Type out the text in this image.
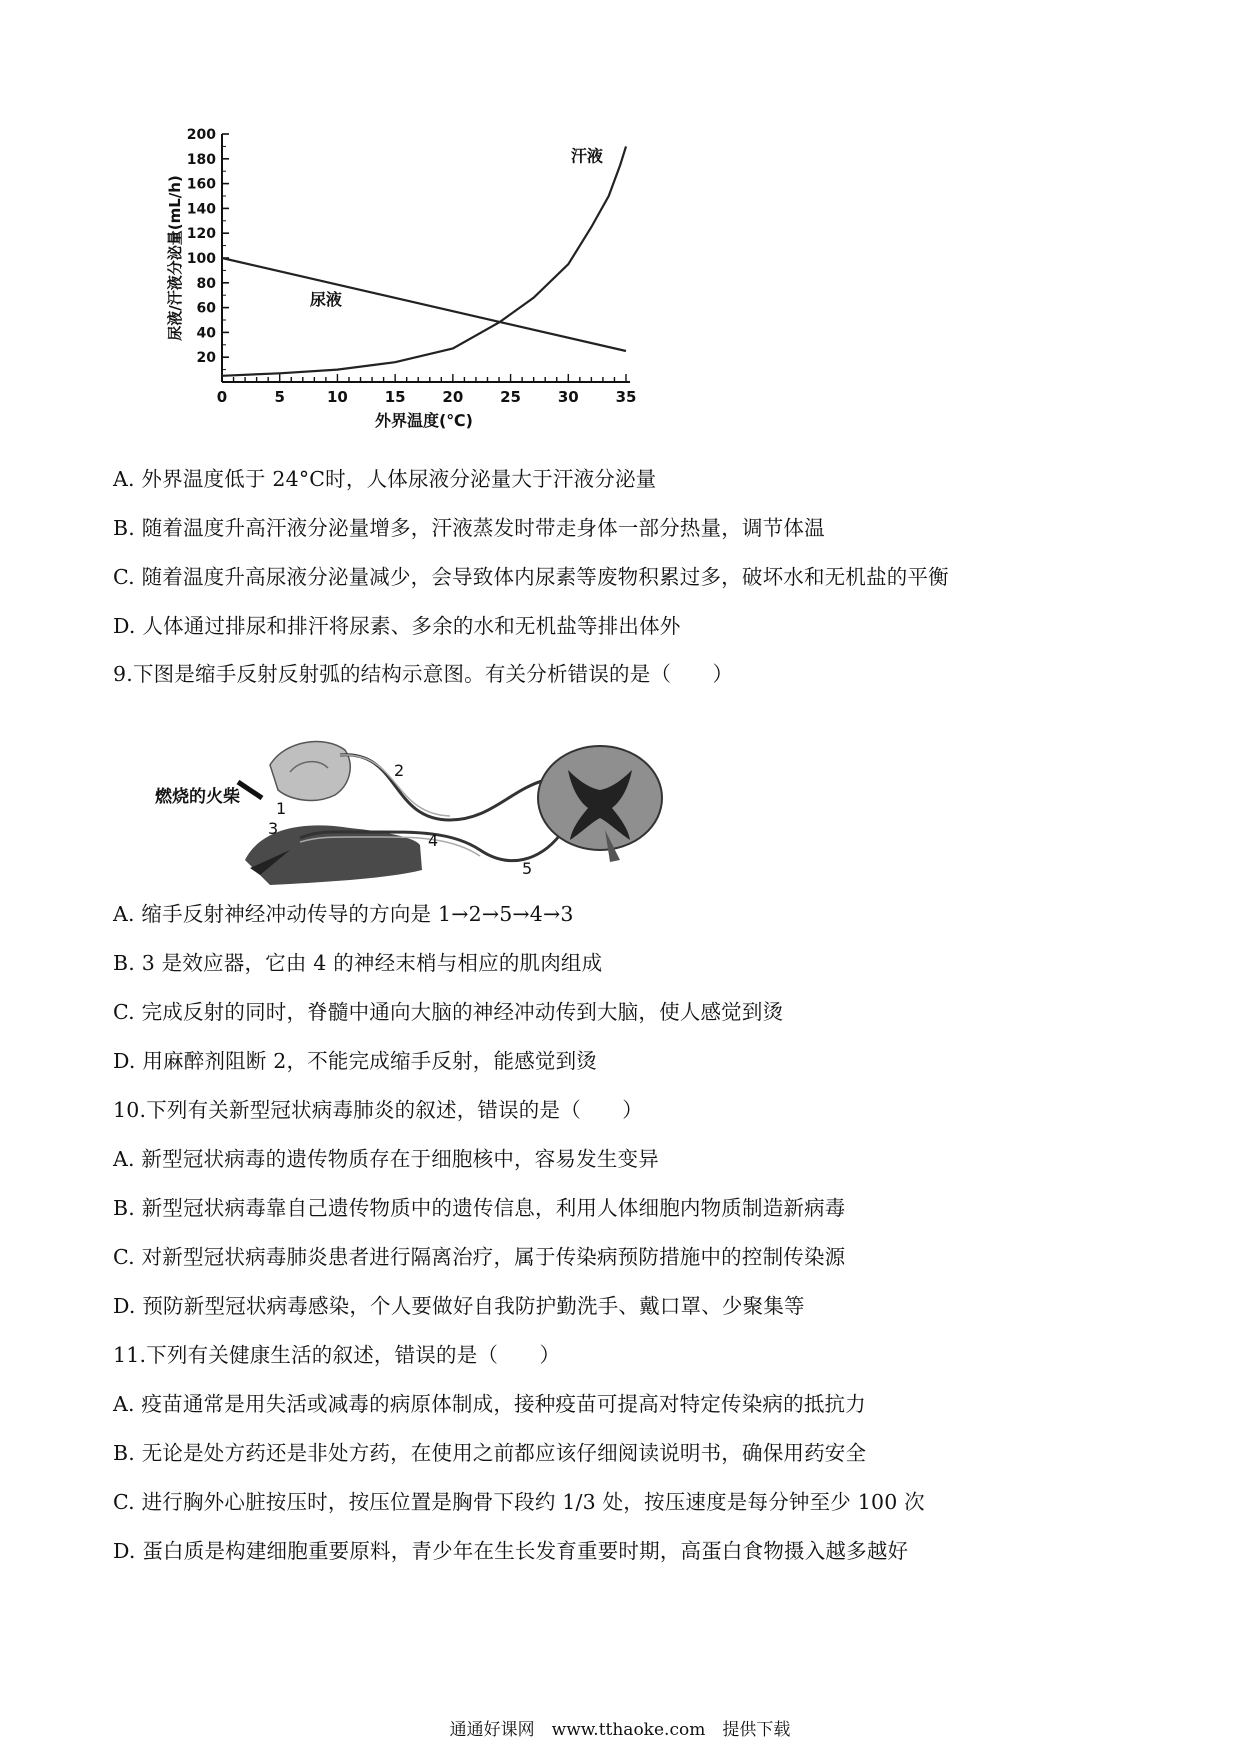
0	5	10 15 20 25 30 35
20
40
60
80
100
120
140
160
180
200
外界温度(℃)
尿液/汗液分泌量(mL/h)	尿液
汗液
A. 外界温度低于 24°C时，人体尿液分泌量大于汗液分泌量
B. 随着温度升高汗液分泌量增多，汗液蒸发时带走身体一部分热量，调节体温
C. 随着温度升高尿液分泌量减少，会导致体内尿素等废物积累过多，破坏水和无机盐的平衡
D. 人体通过排尿和排汗将尿素、多余的水和无机盐等排出体外
9.下图是缩手反射反射弧的结构示意图。有关分析错误的是（　　）
燃烧的火柴
1
2
3
4
5
A. 缩手反射神经冲动传导的方向是 1→2→5→4→3
B. 3 是效应器，它由 4 的神经末梢与相应的肌肉组成
C. 完成反射的同时，脊髓中通向大脑的神经冲动传到大脑，使人感觉到烫
D. 用麻醉剂阻断 2，不能完成缩手反射，能感觉到烫
10.下列有关新型冠状病毒肺炎的叙述，错误的是（　　）
A. 新型冠状病毒的遗传物质存在于细胞核中，容易发生变异
B. 新型冠状病毒靠自己遗传物质中的遗传信息，利用人体细胞内物质制造新病毒
C. 对新型冠状病毒肺炎患者进行隔离治疗，属于传染病预防措施中的控制传染源
D. 预防新型冠状病毒感染，个人要做好自我防护勤洗手、戴口罩、少聚集等
11.下列有关健康生活的叙述，错误的是（　　）
A. 疫苗通常是用失活或减毒的病原体制成，接种疫苗可提高对特定传染病的抵抗力
B. 无论是处方药还是非处方药，在使用之前都应该仔细阅读说明书，确保用药安全
C. 进行胸外心脏按压时，按压位置是胸骨下段约 1/3 处，按压速度是每分钟至少 100 次
D. 蛋白质是构建细胞重要原料，青少年在生长发育重要时期，高蛋白食物摄入越多越好
通通好课网　www.tthaoke.com　提供下载
